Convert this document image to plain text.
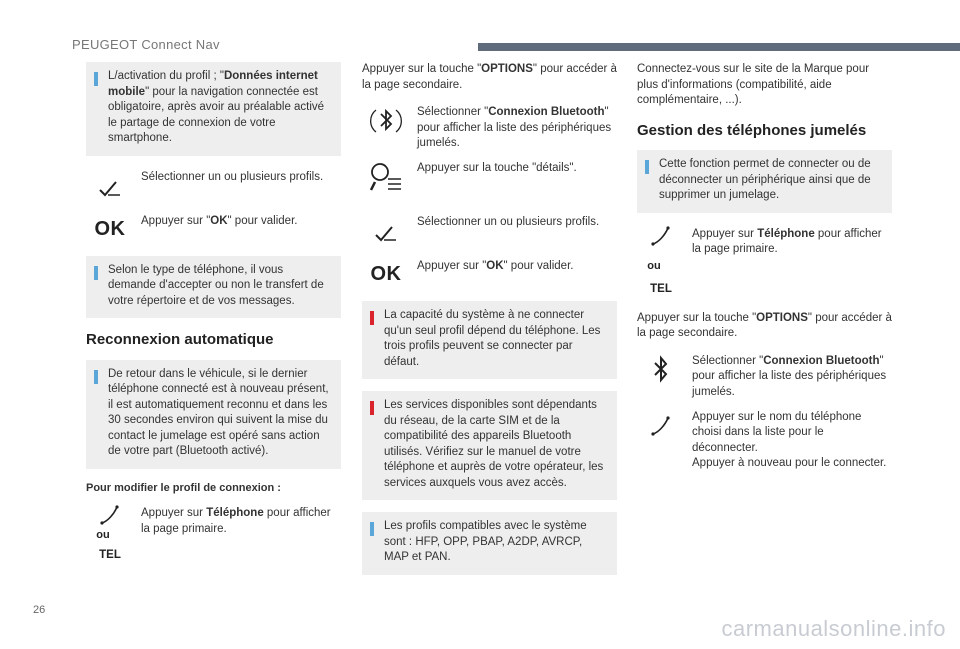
PEUGEOT Connect Nav

L/activation du profil ; "Données internet mobile" pour la navigation connectée est obligatoire, après avoir au préalable activé le partage de connexion de votre smartphone.

Sélectionner un ou plusieurs profils.

OK	Appuyer sur "OK" pour valider.

Selon le type de téléphone, il vous demande d'accepter ou non le transfert de votre répertoire et de vos messages.

Reconnexion automatique

De retour dans le véhicule, si le dernier téléphone connecté est à nouveau présent, il est automatiquement reconnu et dans les 30 secondes environ qui suivent la mise du contact le jumelage est opéré sans action de votre part (Bluetooth activé).

Pour modifier le profil de connexion :

ou
TEL

Appuyer sur Téléphone pour afficher la page primaire.

Appuyer sur la touche "OPTIONS" pour accéder à la page secondaire.

Sélectionner "Connexion Bluetooth" pour afficher la liste des périphériques jumelés.

Appuyer sur la touche "détails".

Sélectionner un ou plusieurs profils.

OK	Appuyer sur "OK" pour valider.

La capacité du système à ne connecter qu'un seul profil dépend du téléphone. Les trois profils peuvent se connecter par défaut.

Les services disponibles sont dépendants du réseau, de la carte SIM et de la compatibilité des appareils Bluetooth utilisés. Vérifiez sur le manuel de votre téléphone et auprès de votre opérateur, les services auxquels vous avez accès.

Les profils compatibles avec le système sont : HFP, OPP, PBAP, A2DP, AVRCP, MAP et PAN.

Connectez-vous sur le site de la Marque pour plus d'informations (compatibilité, aide complémentaire, ...).

Gestion des téléphones jumelés

Cette fonction permet de connecter ou de déconnecter un périphérique ainsi que de supprimer un jumelage.

ou
TEL

Appuyer sur Téléphone pour afficher la page primaire.

Appuyer sur la touche "OPTIONS" pour accéder à la page secondaire.

Sélectionner "Connexion Bluetooth" pour afficher la liste des périphériques jumelés.

Appuyer sur le nom du téléphone choisi dans la liste pour le déconnecter.
Appuyer à nouveau pour le connecter.

26
carmanualsonline.info
